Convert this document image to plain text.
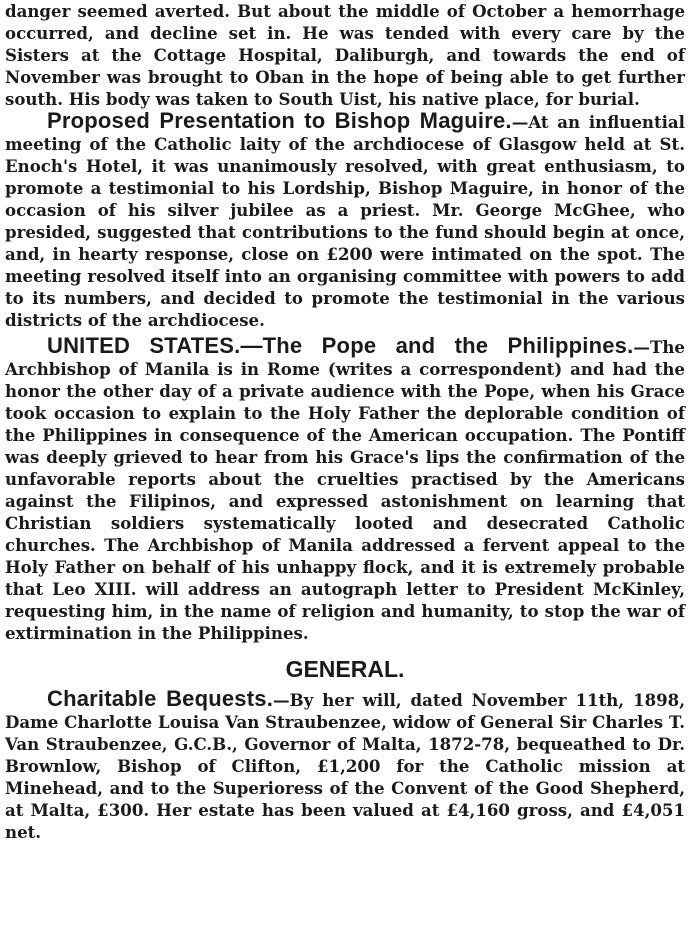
danger seemed averted. But about the middle of October a hemorrhage occurred, and decline set in. He was tended with every care by the Sisters at the Cottage Hospital, Daliburgh, and towards the end of November was brought to Oban in the hope of being able to get further south. His body was taken to South Uist, his native place, for burial.

Proposed Presentation to Bishop Maguire.—At an influential meeting of the Catholic laity of the archdiocese of Glasgow held at St. Enoch's Hotel, it was unanimously resolved, with great enthusiasm, to promote a testimonial to his Lordship, Bishop Maguire, in honor of the occasion of his silver jubilee as a priest. Mr. George McGhee, who presided, suggested that contributions to the fund should begin at once, and, in hearty response, close on £200 were intimated on the spot. The meeting resolved itself into an organising committee with powers to add to its numbers, and decided to promote the testimonial in the various districts of the archdiocese.

UNITED STATES.—The Pope and the Philippines.—The Archbishop of Manila is in Rome (writes a correspondent) and had the honor the other day of a private audience with the Pope, when his Grace took occasion to explain to the Holy Father the deplorable condition of the Philippines in consequence of the American occupation. The Pontiff was deeply grieved to hear from his Grace's lips the confirmation of the unfavorable reports about the cruelties practised by the Americans against the Filipinos, and expressed astonishment on learning that Christian soldiers systematically looted and desecrated Catholic churches. The Archbishop of Manila addressed a fervent appeal to the Holy Father on behalf of his unhappy flock, and it is extremely probable that Leo XIII. will address an autograph letter to President McKinley, requesting him, in the name of religion and humanity, to stop the war of extirmination in the Philippines.

GENERAL.

Charitable Bequests.—By her will, dated November 11th, 1898, Dame Charlotte Louisa Van Straubenzee, widow of General Sir Charles T. Van Straubenzee, G.C.B., Governor of Malta, 1872-78, bequeathed to Dr. Brownlow, Bishop of Clifton, £1,200 for the Catholic mission at Minehead, and to the Superioress of the Convent of the Good Shepherd, at Malta, £300. Her estate has been valued at £4,160 gross, and £4,051 net.
